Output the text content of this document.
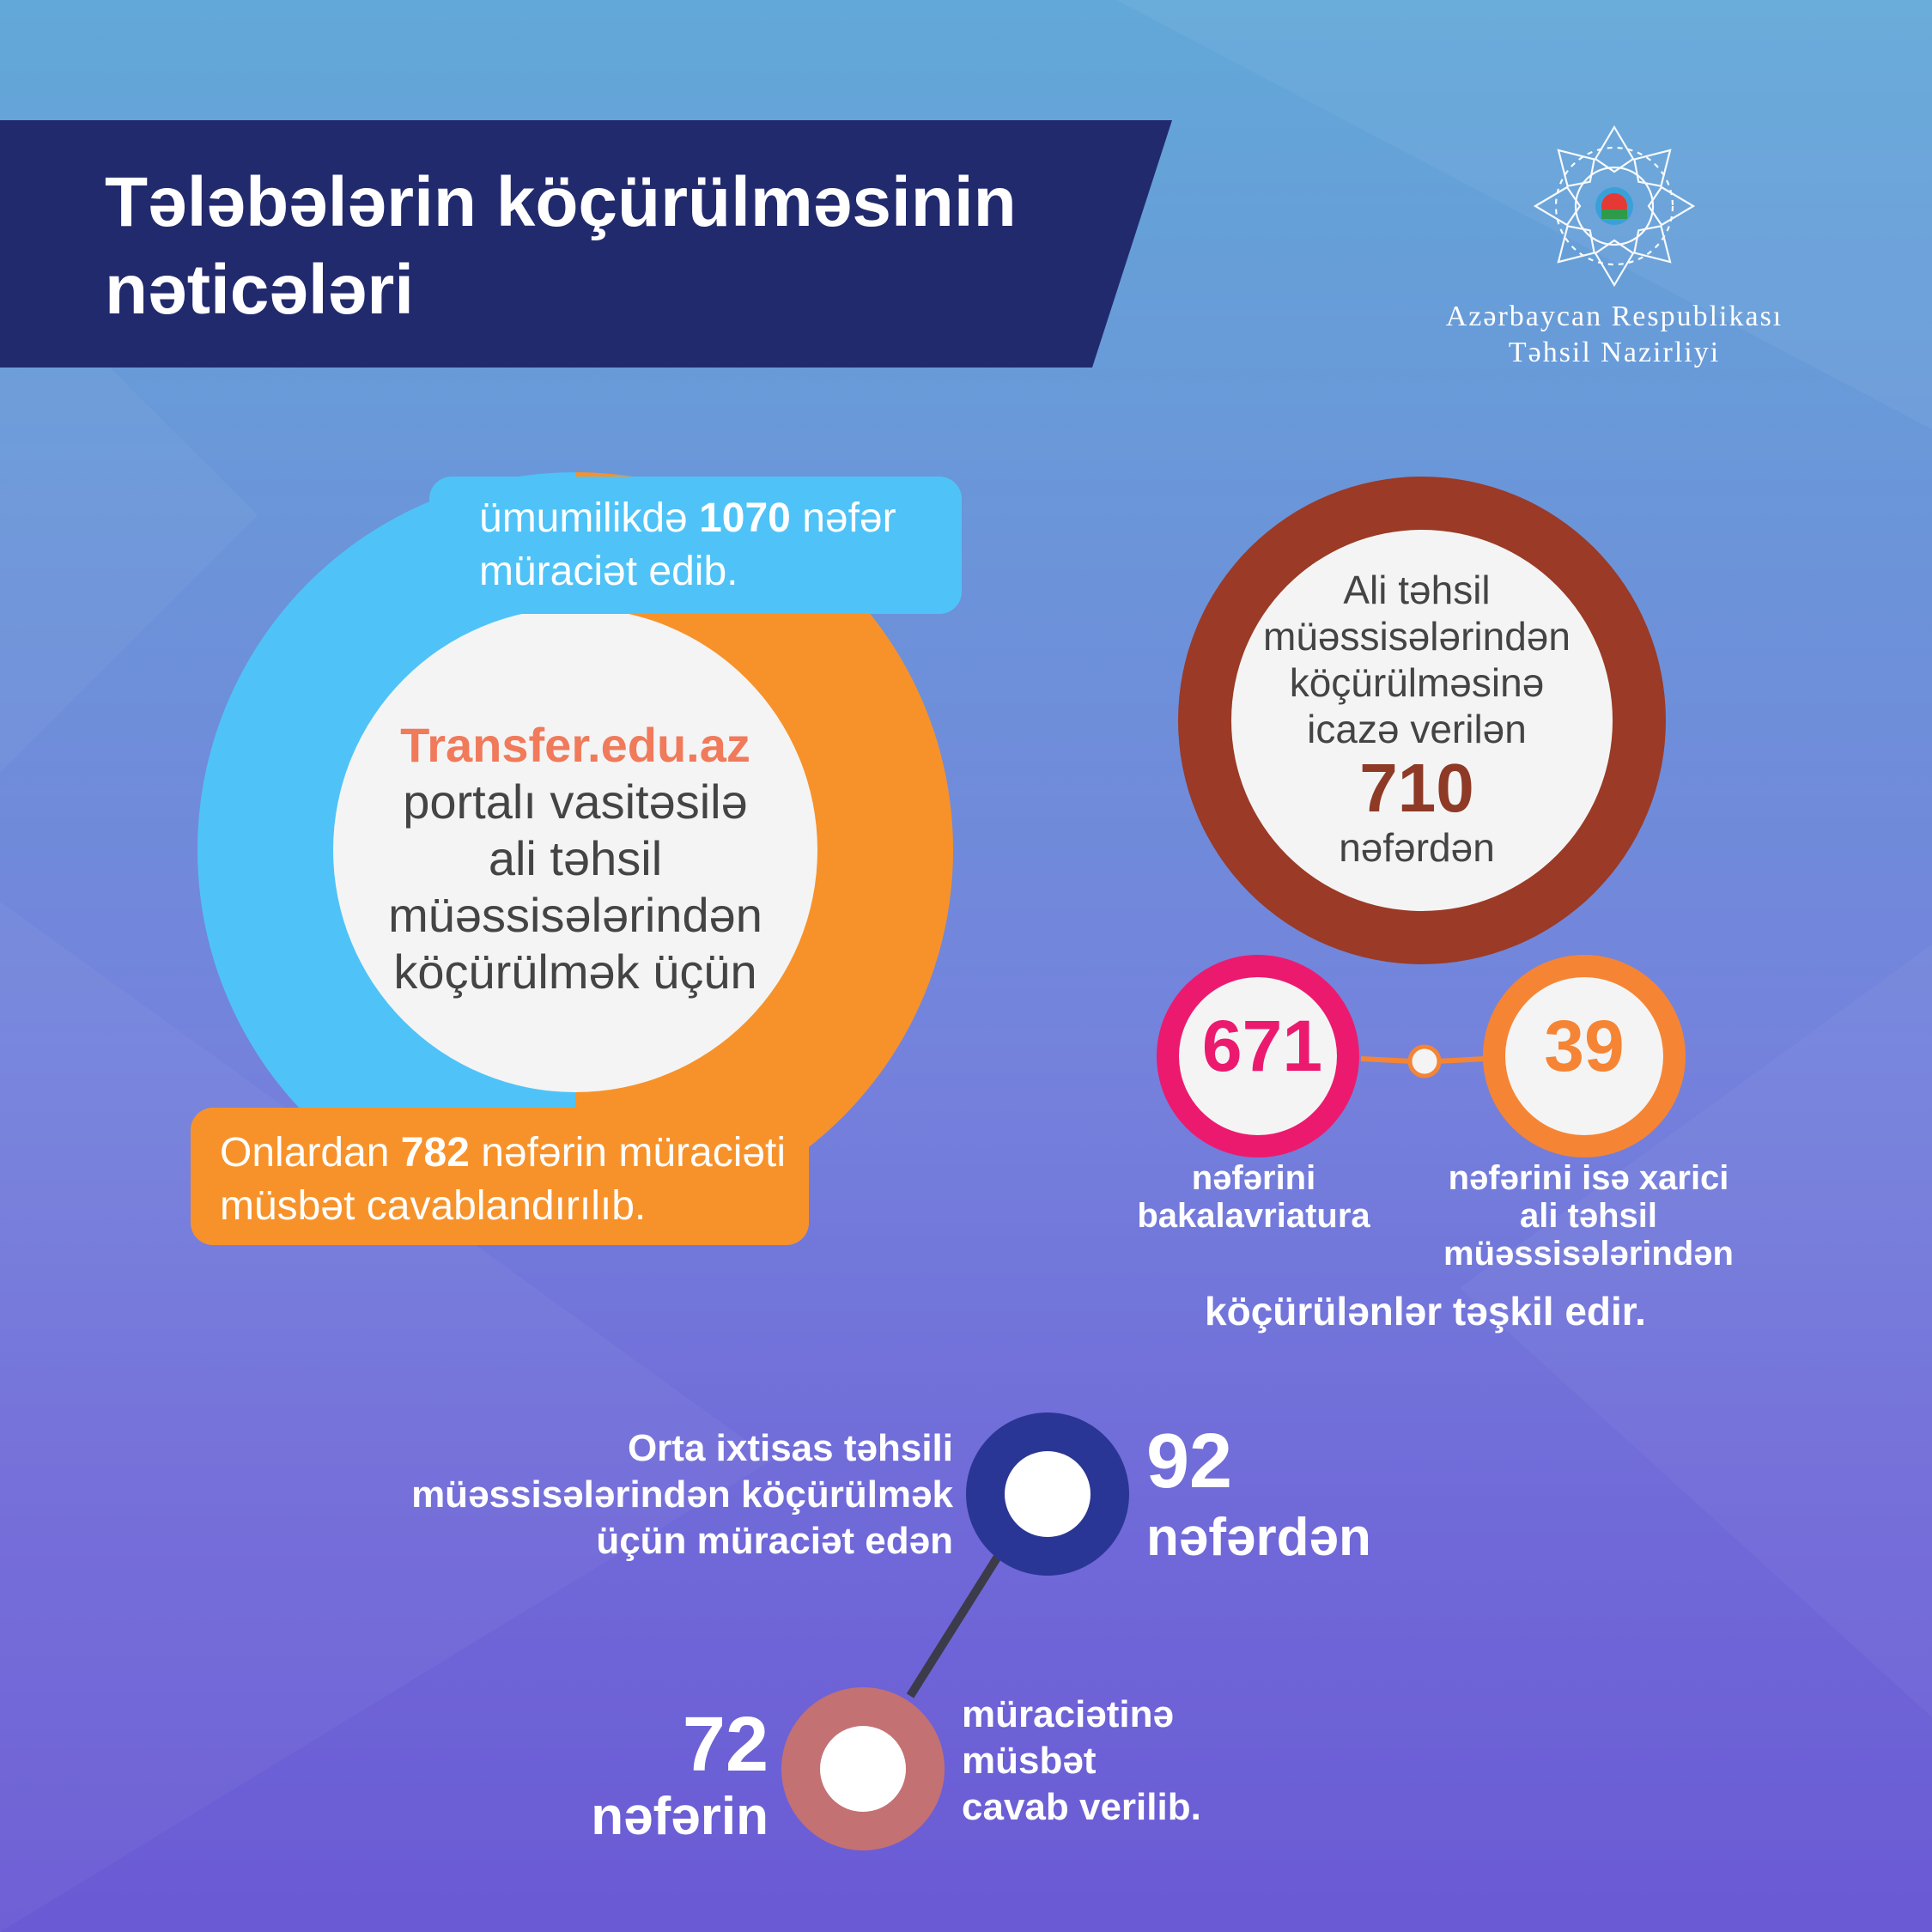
Tələbələrin köçürülməsinin
nəticələri	Azərbaycan Respublikası
Təhsil Nazirliyi
ümumilikdə 1070 nəfər
müraciət edib.
Transfer.edu.az
portalı vasitəsilə
ali təhsil
müəssisələrindən
köçürülmək üçün
Onlardan 782 nəfərin müraciəti
müsbət cavablandırılıb.
Ali təhsil
müəssisələrindən
köçürülməsinə
icazə verilən
710
nəfərdən
671	39
nəfərini
bakalavriatura
nəfərini isə xarici
ali təhsil
müəssisələrindən
köçürülənlər təşkil edir.
Orta ixtisas təhsili
müəssisələrindən köçürülmək
üçün müraciət edən
92
nəfərdən
72
nəfərin
müraciətinə
müsbət
cavab verilib.
